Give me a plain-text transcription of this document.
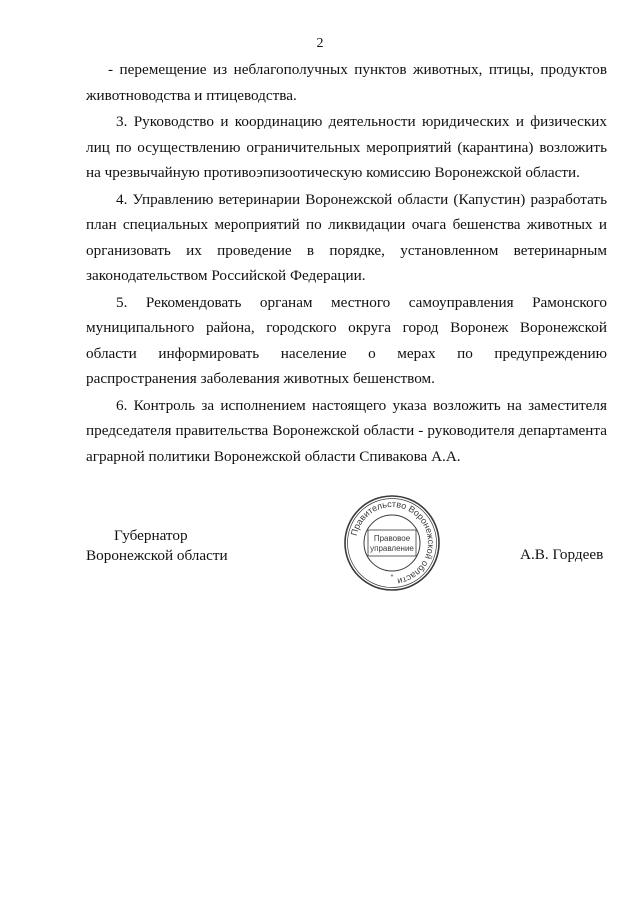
2

- перемещение из неблагополучных пунктов животных, птицы, продуктов животноводства и птицеводства.

3. Руководство и координацию деятельности юридических и физических лиц по осуществлению ограничительных мероприятий (карантина) возложить на чрезвычайную противоэпизоотическую комиссию Воронежской области.

4. Управлению ветеринарии Воронежской области (Капустин) разработать план специальных мероприятий по ликвидации очага бешенства животных и организовать их проведение в порядке, установленном ветеринарным законодательством Российской Федерации.

5. Рекомендовать органам местного самоуправления Рамонского муниципального района, городского округа город Воронеж Воронежской области информировать население о мерах по предупреждению распространения заболевания животных бешенством.

6. Контроль за исполнением настоящего указа возложить на заместителя председателя правительства Воронежской области - руководителя департамента аграрной политики Воронежской области Спивакова А.А.

Губернатор
Воронежской области	А.В. Гордеев
Правительство Воронежской области
Правовое
управление
*
